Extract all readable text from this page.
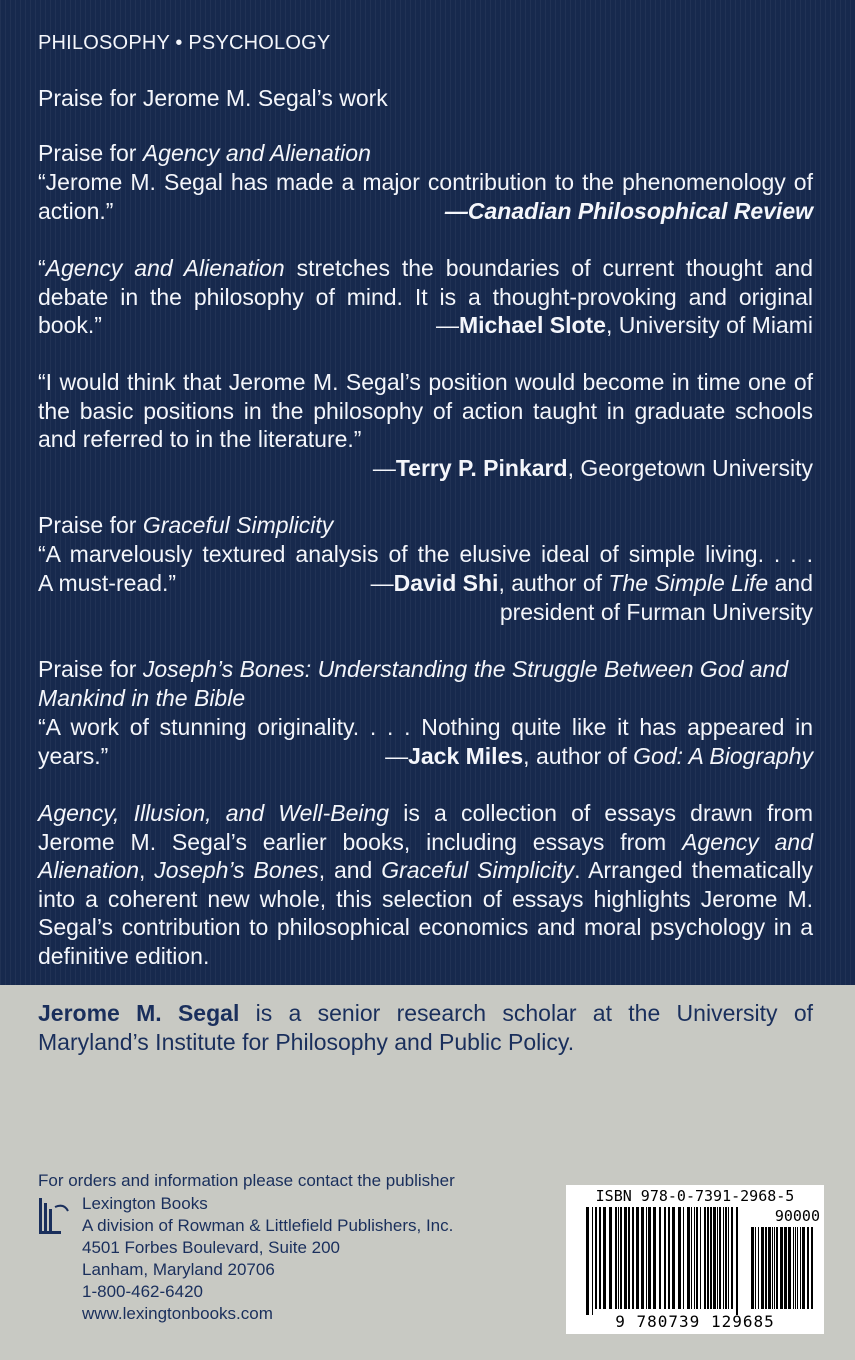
PHILOSOPHY • PSYCHOLOGY

Praise for Jerome M. Segal’s work

Praise for Agency and Alienation

“Jerome M. Segal has made a major contribution to the phenomenology of action.”	—Canadian Philosophical Review

“Agency and Alienation stretches the boundaries of current thought and debate in the philosophy of mind. It is a thought-provoking and original book.”	—Michael Slote, University of Miami

“I would think that Jerome M. Segal’s position would become in time one of the basic positions in the philosophy of action taught in graduate schools and referred to in the literature.”

—Terry P. Pinkard, Georgetown University

Praise for Graceful Simplicity

“A marvelously textured analysis of the elusive ideal of simple living. . . .

A must-read.”	—David Shi, author of The Simple Life and

president of Furman University

Praise for Joseph’s Bones: Understanding the Struggle Between God and

Mankind in the Bible

“A work of stunning originality. . . . Nothing quite like it has appeared in

years.”	—Jack Miles, author of God: A Biography

Agency, Illusion, and Well-Being is a collection of essays drawn from Jerome M. Segal’s earlier books, including essays from Agency and Alienation, Joseph’s Bones, and Graceful Simplicity. Arranged thematically into a coherent new whole, this selection of essays highlights Jerome M. Segal’s contribution to philosophical economics and moral psychology in a definitive edition.

Jerome M. Segal is a senior research scholar at the University of Maryland’s Institute for Philosophy and Public Policy.

For orders and information please contact the publisher

Lexington Books

A division of Rowman & Littlefield Publishers, Inc.

4501 Forbes Boulevard, Suite 200

Lanham, Maryland 20706

1-800-462-6420

www.lexingtonbooks.com

ISBN 978-0-7391-2968-5
90000
9 780739 129685
